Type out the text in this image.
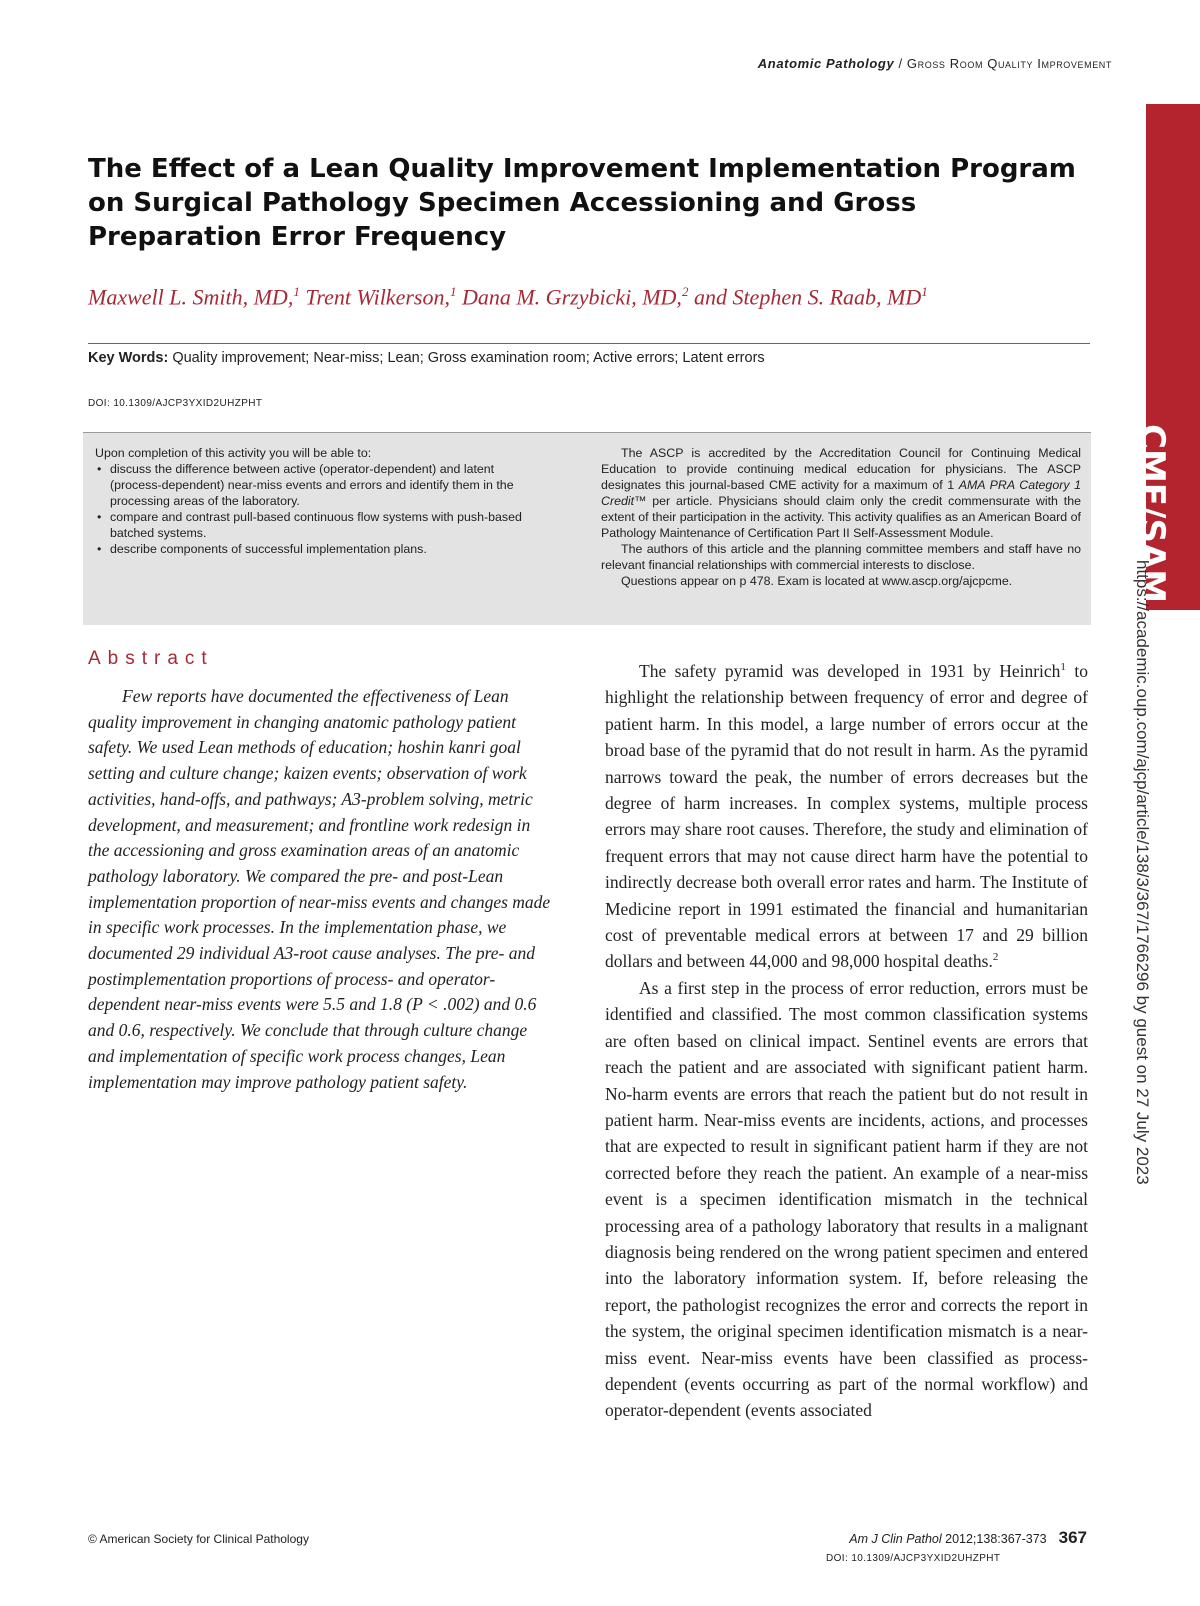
Anatomic Pathology / Gross Room Quality Improvement
CME/SAM
https://academic.oup.com/ajcp/article/138/3/367/1766296 by guest on 27 July 2023
The Effect of a Lean Quality Improvement Implementation Program on Surgical Pathology Specimen Accessioning and Gross Preparation Error Frequency
Maxwell L. Smith, MD,$^1$ Trent Wilkerson,$^1$ Dana M. Grzybicki, MD,$^2$ and Stephen S. Raab, $MD^1$
Key Words: Quality improvement; Near-miss; Lean; Gross examination room; Active errors; Latent errors
DOI: 10.1309/AJCP3YXID2UHZPHT
Upon completion of this activity you will be able to:
• discuss the difference between active (operator-dependent) and latent (process-dependent) near-miss events and errors and identify them in the processing areas of the laboratory.
• compare and contrast pull-based continuous flow systems with push-based batched systems.
• describe components of successful implementation plans.

The ASCP is accredited by the Accreditation Council for Continuing Medical Education to provide continuing medical education for physicians. The ASCP designates this journal-based CME activity for a maximum of 1 AMA PRA Category 1 Credit™ per article. Physicians should claim only the credit commensurate with the extent of their participation in the activity. This activity qualifies as an American Board of Pathology Maintenance of Certification Part II Self-Assessment Module.

The authors of this article and the planning committee members and staff have no relevant financial relationships with commercial interests to disclose.

Questions appear on p 478. Exam is located at www.ascp.org/ajcpcme.

Abstract

Few reports have documented the effectiveness of Lean quality improvement in changing anatomic pathology patient safety. We used Lean methods of education; hoshin kanri goal setting and culture change; kaizen events; observation of work activities, hand-offs, and pathways; A3-problem solving, metric development, and measurement; and frontline work redesign in the accessioning and gross examination areas of an anatomic pathology laboratory. We compared the pre- and post-Lean implementation proportion of near-miss events and changes made in specific work processes. In the implementation phase, we documented 29 individual A3-root cause analyses. The pre- and postimplementation proportions of process- and operator-dependent near-miss events were 5.5 and 1.8 (P < .002) and 0.6 and 0.6, respectively. We conclude that through culture change and implementation of specific work process changes, Lean implementation may improve pathology patient safety.

The safety pyramid was developed in 1931 by Heinrich$^1$ to highlight the relationship between frequency of error and degree of patient harm. In this model, a large number of errors occur at the broad base of the pyramid that do not result in harm. As the pyramid narrows toward the peak, the number of errors decreases but the degree of harm increases. In complex systems, multiple process errors may share root causes. Therefore, the study and elimination of frequent errors that may not cause direct harm have the potential to indirectly decrease both overall error rates and harm. The Institute of Medicine report in 1991 estimated the financial and humanitarian cost of preventable medical errors at between 17 and 29 billion dollars and between 44,000 and 98,000 hospital deaths.$^2$

As a first step in the process of error reduction, errors must be identified and classified. The most common classification systems are often based on clinical impact. Sentinel events are errors that reach the patient and are associated with significant patient harm. No-harm events are errors that reach the patient but do not result in patient harm. Near-miss events are incidents, actions, and processes that are expected to result in significant patient harm if they are not corrected before they reach the patient. An example of a near-miss event is a specimen identification mismatch in the technical processing area of a pathology laboratory that results in a malignant diagnosis being rendered on the wrong patient specimen and entered into the laboratory information system. If, before releasing the report, the pathologist recognizes the error and corrects the report in the system, the original specimen identification mismatch is a near-miss event. Near-miss events have been classified as process-dependent (events occurring as part of the normal workflow) and operator-dependent (events associated

© American Society for Clinical Pathology	Am J Clin Pathol 2012;138:367-373 367
DOI: 10.1309/AJCP3YXID2UHZPHT
